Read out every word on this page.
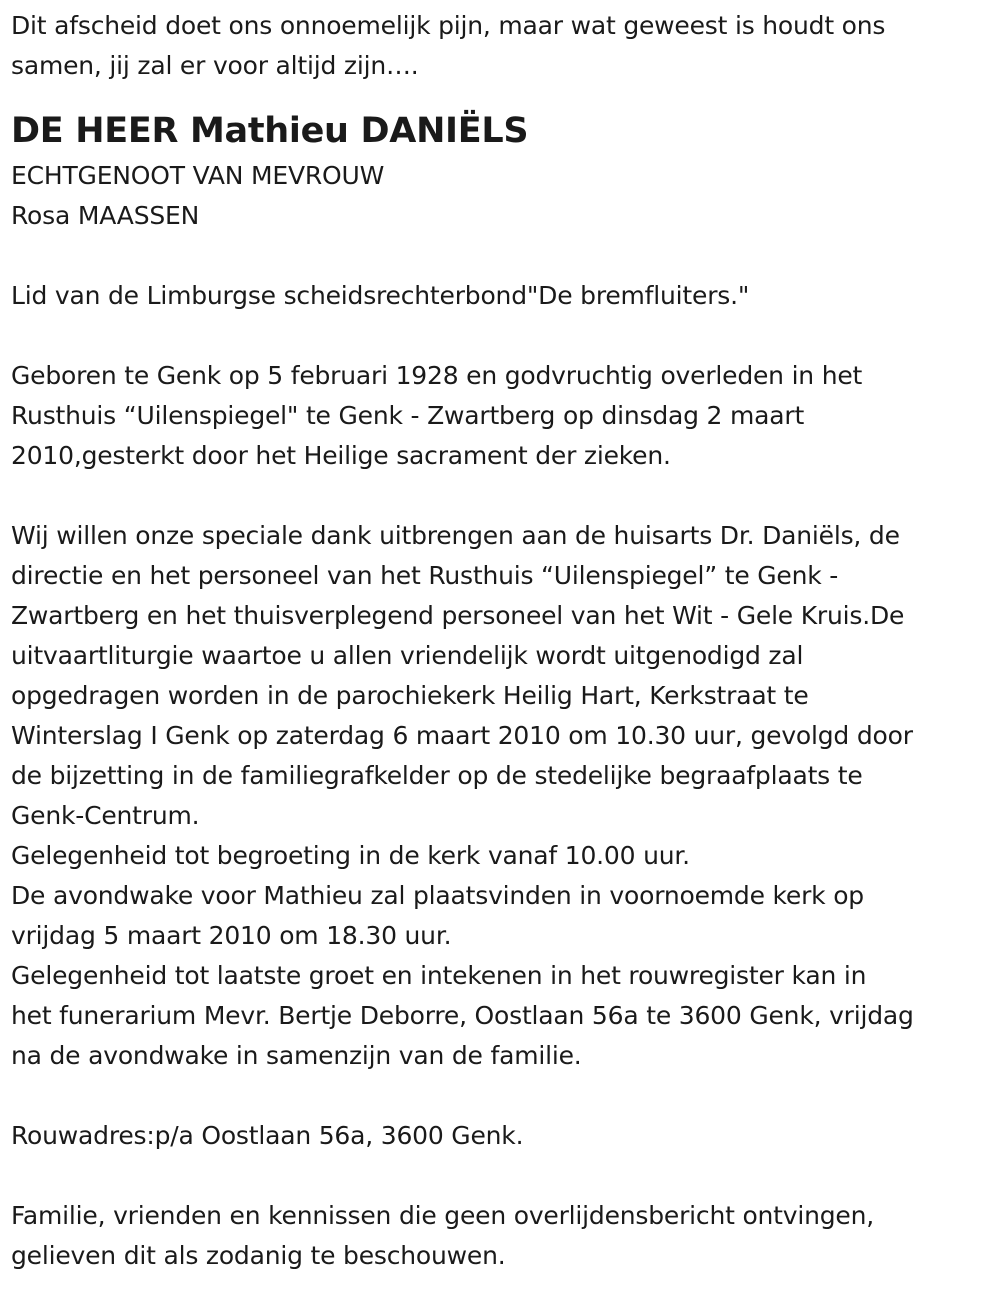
Dit afscheid doet ons onnoemelijk pijn, maar wat geweest is houdt ons
samen, jij zal er voor altijd zijn….
DE HEER Mathieu DANIËLS
ECHTGENOOT VAN MEVROUW
Rosa MAASSEN
Lid van de Limburgse scheidsrechterbond"De bremfluiters."
Geboren te Genk op 5 februari 1928 en godvruchtig overleden in het
Rusthuis “Uilenspiegel" te Genk - Zwartberg op dinsdag 2 maart
2010,gesterkt door het Heilige sacrament der zieken.
Wij willen onze speciale dank uitbrengen aan de huisarts Dr. Daniëls, de
directie en het personeel van het Rusthuis “Uilenspiegel” te Genk -
Zwartberg en het thuisverplegend personeel van het Wit - Gele Kruis.De
uitvaartliturgie waartoe u allen vriendelijk wordt uitgenodigd zal
opgedragen worden in de parochiekerk Heilig Hart, Kerkstraat te
Winterslag I Genk op zaterdag 6 maart 2010 om 10.30 uur, gevolgd door
de bijzetting in de familiegrafkelder op de stedelijke begraafplaats te
Genk-Centrum.
Gelegenheid tot begroeting in de kerk vanaf 10.00 uur.
De avondwake voor Mathieu zal plaatsvinden in voornoemde kerk op
vrijdag 5 maart 2010 om 18.30 uur.
Gelegenheid tot laatste groet en intekenen in het rouwregister kan in
het funerarium Mevr. Bertje Deborre, Oostlaan 56a te 3600 Genk, vrijdag
na de avondwake in samenzijn van de familie.
Rouwadres:p/a Oostlaan 56a, 3600 Genk.
Familie, vrienden en kennissen die geen overlijdensbericht ontvingen,
gelieven dit als zodanig te beschouwen.
